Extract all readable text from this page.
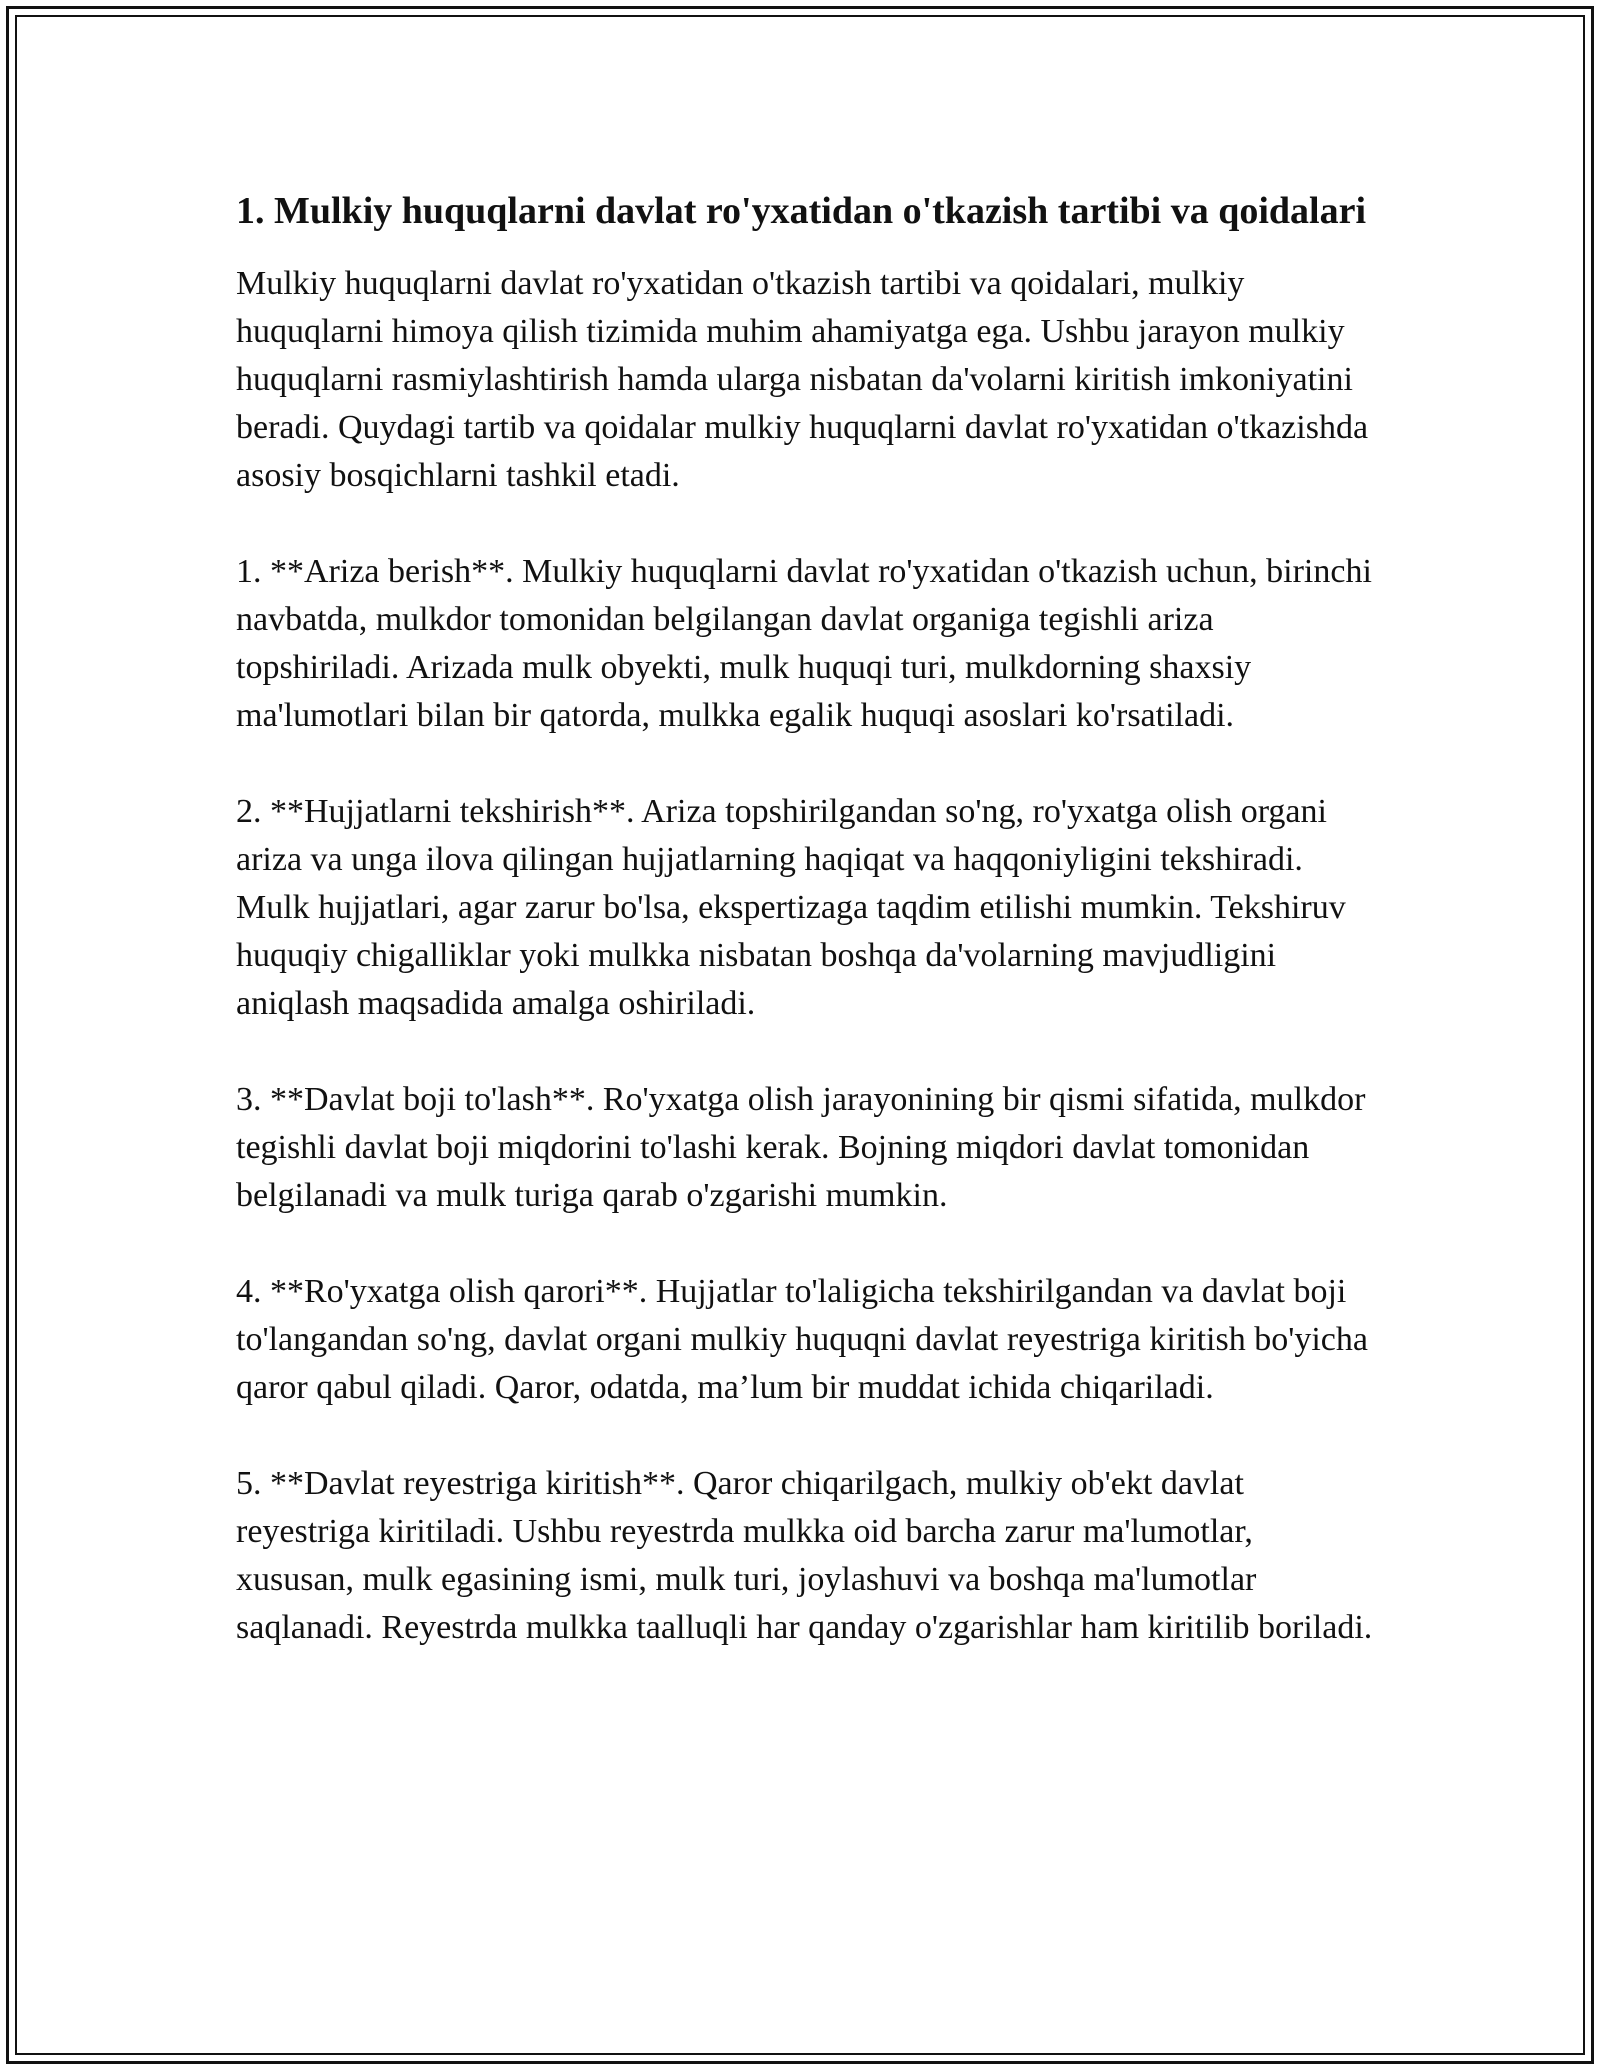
1. Mulkiy huquqlarni davlat ro'yxatidan o'tkazish tartibi va qoidalari

Mulkiy huquqlarni davlat ro'yxatidan o'tkazish tartibi va qoidalari, mulkiy huquqlarni himoya qilish tizimida muhim ahamiyatga ega. Ushbu jarayon mulkiy huquqlarni rasmiylashtirish hamda ularga nisbatan da'volarni kiritish imkoniyatini beradi. Quydagi tartib va qoidalar mulkiy huquqlarni davlat ro'yxatidan o'tkazishda asosiy bosqichlarni tashkil etadi.

1. **Ariza berish**. Mulkiy huquqlarni davlat ro'yxatidan o'tkazish uchun, birinchi navbatda, mulkdor tomonidan belgilangan davlat organiga tegishli ariza topshiriladi. Arizada mulk obyekti, mulk huquqi turi, mulkdorning shaxsiy ma'lumotlari bilan bir qatorda, mulkka egalik huquqi asoslari ko'rsatiladi.

2. **Hujjatlarni tekshirish**. Ariza topshirilgandan so'ng, ro'yxatga olish organi ariza va unga ilova qilingan hujjatlarning haqiqat va haqqoniyligini tekshiradi. Mulk hujjatlari, agar zarur bo'lsa, ekspertizaga taqdim etilishi mumkin. Tekshiruv huquqiy chigalliklar yoki mulkka nisbatan boshqa da'volarning mavjudligini aniqlash maqsadida amalga oshiriladi.

3. **Davlat boji to'lash**. Ro'yxatga olish jarayonining bir qismi sifatida, mulkdor tegishli davlat boji miqdorini to'lashi kerak. Bojning miqdori davlat tomonidan belgilanadi va mulk turiga qarab o'zgarishi mumkin.

4. **Ro'yxatga olish qarori**. Hujjatlar to'laligicha tekshirilgandan va davlat boji to'langandan so'ng, davlat organi mulkiy huquqni davlat reyestriga kiritish bo'yicha qaror qabul qiladi. Qaror, odatda, ma’lum bir muddat ichida chiqariladi.

5. **Davlat reyestriga kiritish**. Qaror chiqarilgach, mulkiy ob'ekt davlat reyestriga kiritiladi. Ushbu reyestrda mulkka oid barcha zarur ma'lumotlar, xususan, mulk egasining ismi, mulk turi, joylashuvi va boshqa ma'lumotlar saqlanadi. Reyestrda mulkka taalluqli har qanday o'zgarishlar ham kiritilib boriladi.
